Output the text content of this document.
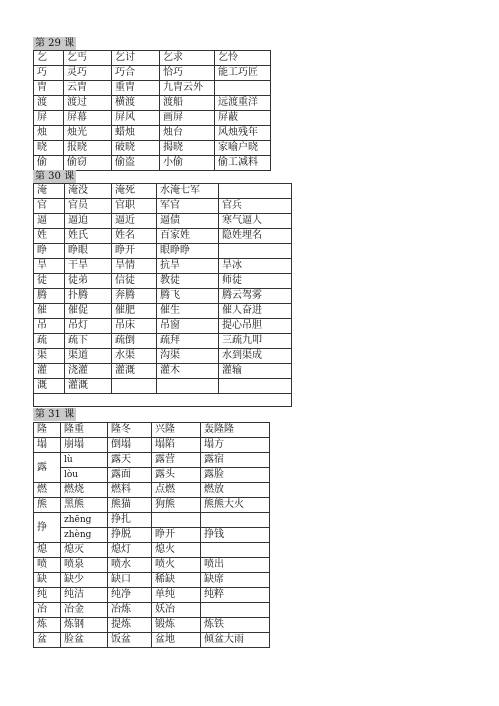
第 29 课
乞	乞丐	乞讨	乞求	乞怜
巧	灵巧	巧合	恰巧	能工巧匠
胄	云胄	重胄	九胄云外	
渡	渡过	横渡	渡船	远渡重洋
屏	屏幕	屏风	画屏	屏蔽
烛	烛光	蜡烛	烛台	风烛残年
晓	报晓	破晓	揭晓	家喻户晓
偷	偷窃	偷盗	小偷	偷工减料
第 30 课
淹	淹没	淹死	水淹七军	
官	官员	官职	军官	官兵
逼	逼迫	逼近	逼债	寒气逼人
姓	姓氏	姓名	百家姓	隐姓埋名
睁	睁眼	睁开	眼睁睁	
旱	干旱	旱情	抗旱	旱冰
徒	徒弟	信徒	教徒	师徒
腾	扑腾	奔腾	腾飞	腾云驾雾
催	催促	催肥	催生	催人奋进
吊	吊灯	吊床	吊窗	提心吊胆
疏	疏下	疏倒	疏拜	三疏九叩
渠	渠道	水渠	沟渠	水到渠成
灌	浇灌	灌溉	灌木	灌输
溉	灌溉			

第 31 课
隆	隆重	隆冬	兴隆	轰隆隆
塌	崩塌	倒塌	塌陷	塌方
露	lù	露天	露营	露宿

	lòu	露面	露头	露脸
燃	燃烧	燃料	点燃	燃放
熊	黑熊	熊猫	狗熊	熊熊大火
挣	zhēng	挣扎		

	zhèng	挣脱	睁开	挣钱
熄	熄灭	熄灯	熄火	
喷	喷泉	喷水	喷火	喷出
缺	缺少	缺口	稀缺	缺席
纯	纯洁	纯净	单纯	纯粹
冶	冶金	冶炼	妖冶	
炼	炼钢	提炼	锻炼	炼铁
盆	脸盆	饭盆	盆地	倾盆大雨
